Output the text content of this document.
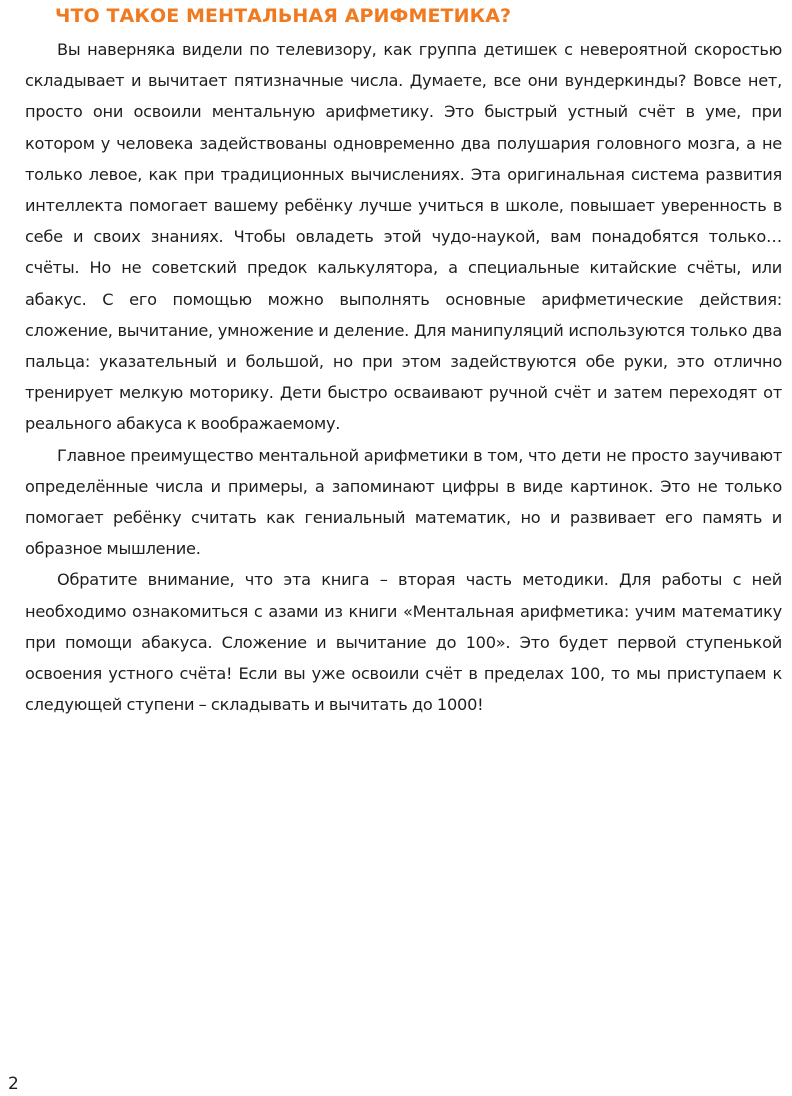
ЧТО ТАКОЕ МЕНТАЛЬНАЯ АРИФМЕТИКА?

Вы наверняка видели по телевизору, как группа детишек с невероятной скоростью складывает и вычитает пятизначные числа. Думаете, все они вундеркинды? Вовсе нет, просто они освоили ментальную арифметику. Это быстрый устный счёт в уме, при котором у человека задействованы одновременно два полушария головного мозга, а не только левое, как при традиционных вычислениях. Эта оригинальная система развития интеллекта помогает вашему ребёнку лучше учиться в школе, повышает уверенность в себе и своих знаниях. Чтобы овладеть этой чудо-наукой, вам понадобятся только… счёты. Но не советский предок калькулятора, а специальные китайские счёты, или абакус. С его помощью можно выполнять основные арифметические действия: сложение, вычитание, умножение и деление. Для манипуляций используются только два пальца: указательный и большой, но при этом задействуются обе руки, это отлично тренирует мелкую моторику. Дети быстро осваивают ручной счёт и затем переходят от реального абакуса к воображаемому.

Главное преимущество ментальной арифметики в том, что дети не просто заучивают определённые числа и примеры, а запоминают цифры в виде картинок. Это не только помогает ребёнку считать как гениальный математик, но и развивает его память и образное мышление.

Обратите внимание, что эта книга – вторая часть методики. Для работы с ней необходимо ознакомиться с азами из книги «Ментальная арифметика: учим математику при помощи абакуса. Сложение и вычитание до 100». Это будет первой ступенькой освоения устного счёта! Если вы уже освоили счёт в пределах 100, то мы приступаем к следующей ступени – складывать и вычитать до 1000!

2
